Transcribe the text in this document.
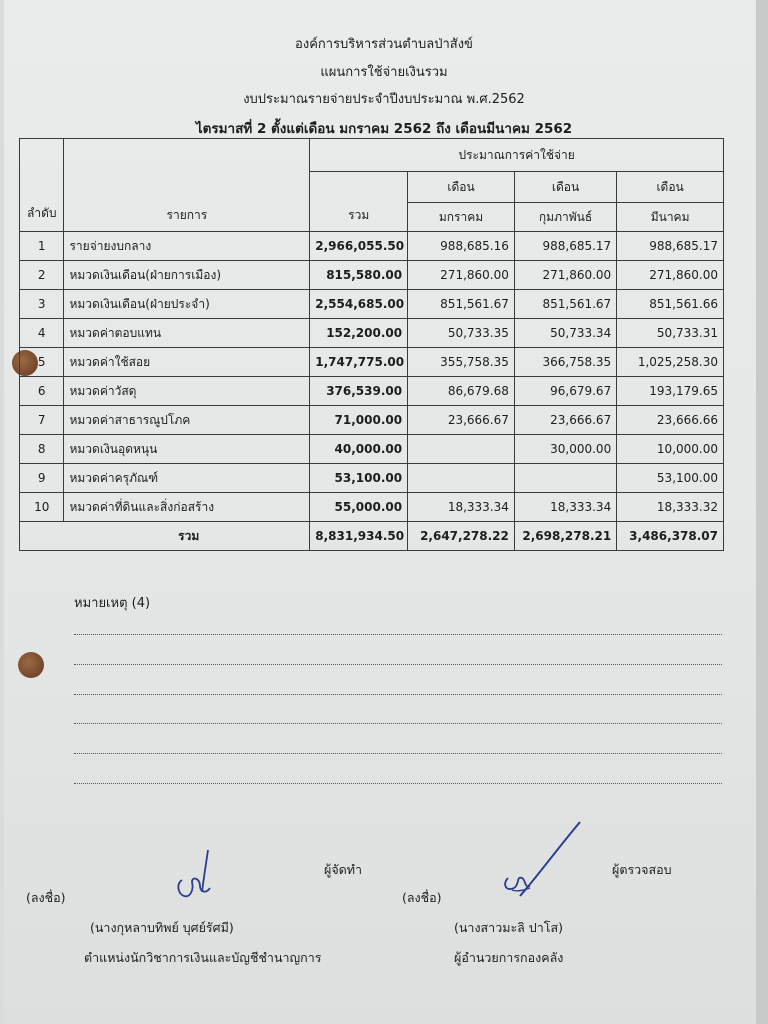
องค์การบริหารส่วนตำบลป่าสังข์
แผนการใช้จ่ายเงินรวม
งบประมาณรายจ่ายประจำปีงบประมาณ พ.ศ.2562
ไตรมาสที่ 2 ตั้งแต่เดือน มกราคม 2562 ถึง เดือนมีนาคม 2562
ลำดับ	รายการ	ประมาณการค่าใช้จ่าย			
		รวม	เดือน	เดือน	เดือน
			มกราคม	กุมภาพันธ์	มีนาคม
1	รายจ่ายงบกลาง	2,966,055.50	988,685.16	988,685.17	988,685.17
2	หมวดเงินเดือน(ฝ่ายการเมือง)	815,580.00	271,860.00	271,860.00	271,860.00
3	หมวดเงินเดือน(ฝ่ายประจำ)	2,554,685.00	851,561.67	851,561.67	851,561.66
4	หมวดค่าตอบแทน	152,200.00	50,733.35	50,733.34	50,733.31
5	หมวดค่าใช้สอย	1,747,775.00	355,758.35	366,758.35	1,025,258.30
6	หมวดค่าวัสดุ	376,539.00	86,679.68	96,679.67	193,179.65
7	หมวดค่าสาธารณูปโภค	71,000.00	23,666.67	23,666.67	23,666.66
8	หมวดเงินอุดหนุน	40,000.00		30,000.00	10,000.00
9	หมวดค่าครุภัณฑ์	53,100.00			53,100.00
10	หมวดค่าที่ดินและสิ่งก่อสร้าง	55,000.00	18,333.34	18,333.34	18,333.32
รวม		8,831,934.50	2,647,278.22	2,698,278.21	3,486,378.07
หมายเหตุ (4)
ผู้จัดทำ
(ลงชื่อ)
(นางกุหลาบทิพย์ บุศย์รัศมี)
ตำแหน่งนักวิชาการเงินและบัญชีชำนาญการ
ผู้ตรวจสอบ
(ลงชื่อ)
(นางสาวมะลิ ปาโส)
ผู้อำนวยการกองคลัง
